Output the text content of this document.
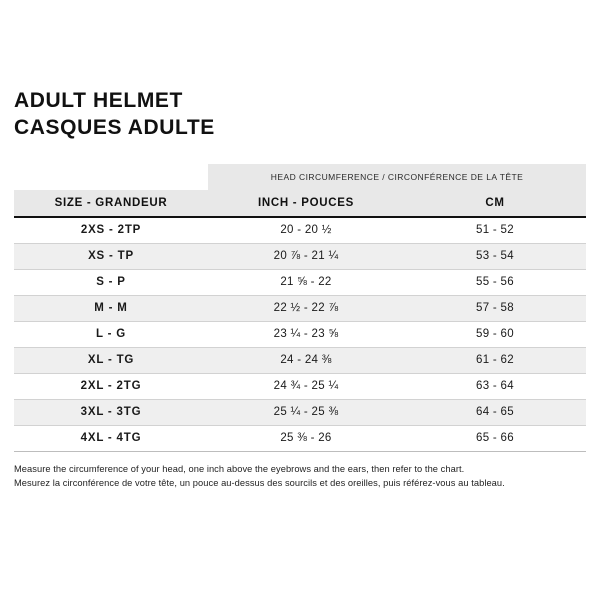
ADULT HELMET
CASQUES ADULTE
	HEAD CIRCUMFERENCE / CIRCONFÉRENCE DE LA TÊTE	
SIZE - GRANDEUR	INCH - POUCES	CM
2XS - 2TP	20 - 20 ½	51 - 52
XS - TP	20 ⅞ - 21 ¼	53 - 54
S - P	21 ⅝ - 22	55 - 56
M - M	22 ½ - 22 ⅞	57 - 58
L - G	23 ¼ - 23 ⅝	59 - 60
XL - TG	24 - 24 ⅜	61 - 62
2XL - 2TG	24 ¾ - 25 ¼	63 - 64
3XL - 3TG	25 ¼ - 25 ⅜	64 - 65
4XL - 4TG	25 ⅜ - 26	65 - 66
Measure the circumference of your head, one inch above the eyebrows and the ears, then refer to the chart.
Mesurez la circonférence de votre tête, un pouce au-dessus des sourcils et des oreilles, puis référez-vous au tableau.
